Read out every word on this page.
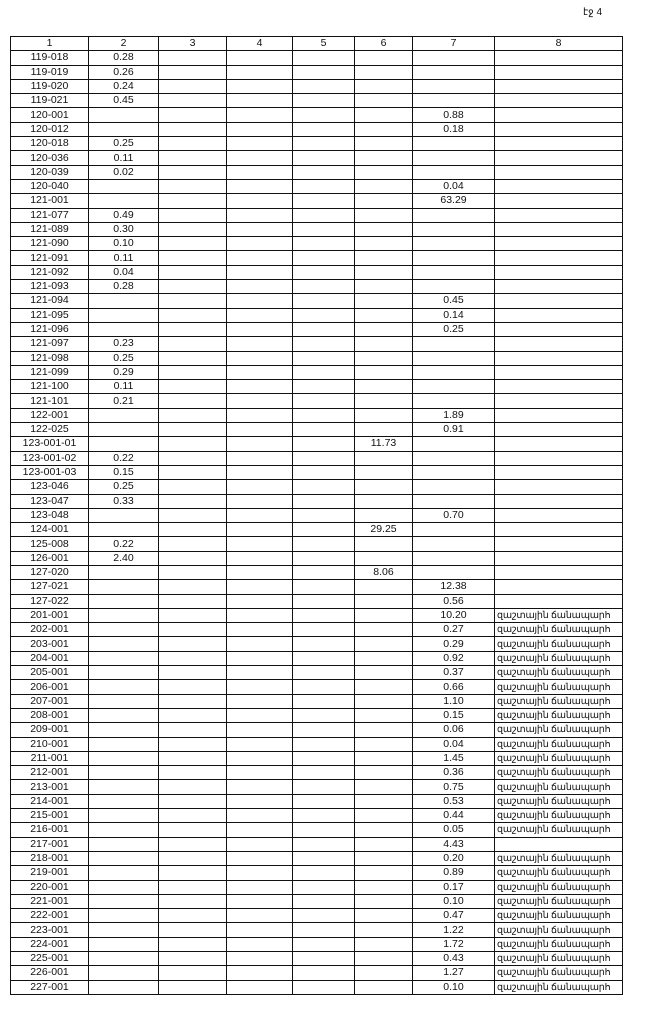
էջ 4
1	2	3	4	5	6	7	8
119-018	0.28						
119-019	0.26						
119-020	0.24						
119-021	0.45						
120-001						0.88	
120-012						0.18	
120-018	0.25						
120-036	0.11						
120-039	0.02						
120-040						0.04	
121-001						63.29	
121-077	0.49						
121-089	0.30						
121-090	0.10						
121-091	0.11						
121-092	0.04						
121-093	0.28						
121-094						0.45	
121-095						0.14	
121-096						0.25	
121-097	0.23						
121-098	0.25						
121-099	0.29						
121-100	0.11						
121-101	0.21						
122-001						1.89	
122-025						0.91	
123-001-01					11.73		
123-001-02	0.22						
123-001-03	0.15						
123-046	0.25						
123-047	0.33						
123-048						0.70	
124-001					29.25		
125-008	0.22						
126-001	2.40						
127-020					8.06		
127-021						12.38	
127-022						0.56	
201-001						10.20	զաշտային ճանապարհ
202-001						0.27	զաշտային ճանապարհ
203-001						0.29	զաշտային ճանապարհ
204-001						0.92	զաշտային ճանապարհ
205-001						0.37	զաշտային ճանապարհ
206-001						0.66	զաշտային ճանապարհ
207-001						1.10	զաշտային ճանապարհ
208-001						0.15	զաշտային ճանապարհ
209-001						0.06	զաշտային ճանապարհ
210-001						0.04	զաշտային ճանապարհ
211-001						1.45	զաշտային ճանապարհ
212-001						0.36	զաշտային ճանապարհ
213-001						0.75	զաշտային ճանապարհ
214-001						0.53	զաշտային ճանապարհ
215-001						0.44	զաշտային ճանապարհ
216-001						0.05	զաշտային ճանապարհ
217-001						4.43	
218-001						0.20	զաշտային ճանապարհ
219-001						0.89	զաշտային ճանապարհ
220-001						0.17	զաշտային ճանապարհ
221-001						0.10	զաշտային ճանապարհ
222-001						0.47	զաշտային ճանապարհ
223-001						1.22	զաշտային ճանապարհ
224-001						1.72	զաշտային ճանապարհ
225-001						0.43	զաշտային ճանապարհ
226-001						1.27	զաշտային ճանապարհ
227-001						0.10	զաշտային ճանապարհ
